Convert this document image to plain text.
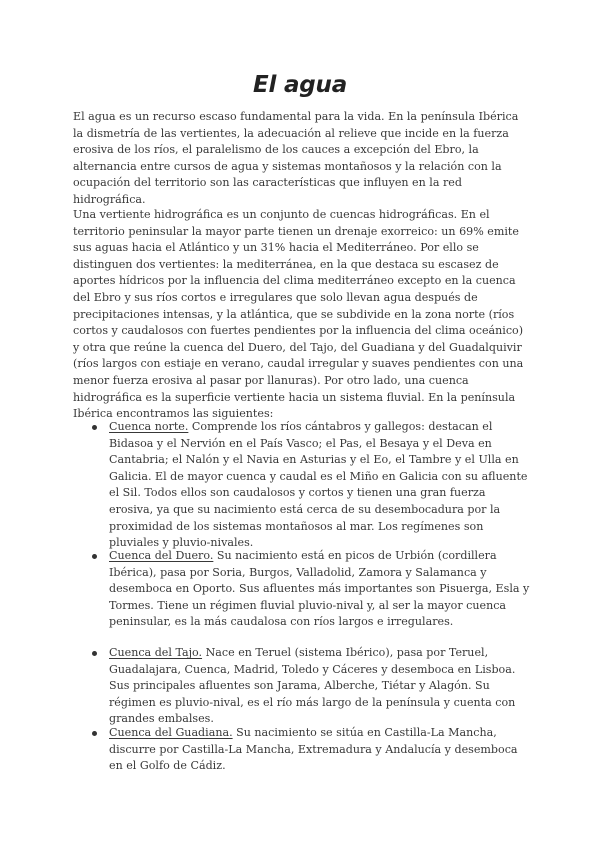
El agua

El agua es un recurso escaso fundamental para la vida. En la península Ibérica la dismetría de las vertientes, la adecuación al relieve que incide en la fuerza erosiva de los ríos, el paralelismo de los cauces a excepción del Ebro, la alternancia entre cursos de agua y sistemas montañosos y la relación con la ocupación del territorio son las características que influyen en la red hidrográfica.

Una vertiente hidrográfica es un conjunto de cuencas hidrográficas. En el territorio peninsular la mayor parte tienen un drenaje exorreico: un 69% emite sus aguas hacia el Atlántico y un 31% hacia el Mediterráneo. Por ello se distinguen dos vertientes: la mediterránea, en la que destaca su escasez de aportes hídricos por la influencia del clima mediterráneo excepto en la cuenca del Ebro y sus ríos cortos e irregulares que solo llevan agua después de precipitaciones intensas, y la atlántica, que se subdivide en la zona norte (ríos cortos y caudalosos con fuertes pendientes por la influencia del clima oceánico) y otra que reúne la cuenca del Duero, del Tajo, del Guadiana y del Guadalquivir (ríos largos con estiaje en verano, caudal irregular y suaves pendientes con una menor fuerza erosiva al pasar por llanuras). Por otro lado, una cuenca hidrográfica es la superficie vertiente hacia un sistema fluvial. En la península Ibérica encontramos las siguientes:

Cuenca norte. Comprende los ríos cántabros y gallegos: destacan el Bidasoa y el Nervión en el País Vasco; el Pas, el Besaya y el Deva en Cantabria; el Nalón y el Navia en Asturias y el Eo, el Tambre y el Ulla en Galicia. El de mayor cuenca y caudal es el Miño en Galicia con su afluente el Sil. Todos ellos son caudalosos y cortos y tienen una gran fuerza erosiva, ya que su nacimiento está cerca de su desembocadura por la proximidad de los sistemas montañosos al mar. Los regímenes son pluviales y pluvio-nivales.

Cuenca del Duero. Su nacimiento está en picos de Urbión (cordillera Ibérica), pasa por Soria, Burgos, Valladolid, Zamora y Salamanca y desemboca en Oporto. Sus afluentes más importantes son Pisuerga, Esla y Tormes. Tiene un régimen fluvial pluvio-nival y, al ser la mayor cuenca peninsular, es la más caudalosa con ríos largos e irregulares.

Cuenca del Tajo. Nace en Teruel (sistema Ibérico), pasa por Teruel, Guadalajara, Cuenca, Madrid, Toledo y Cáceres y desemboca en Lisboa. Sus principales afluentes son Jarama, Alberche, Tiétar y Alagón. Su régimen es pluvio-nival, es el río más largo de la península y cuenta con grandes embalses.

Cuenca del Guadiana. Su nacimiento se sitúa en Castilla-La Mancha, discurre por Castilla-La Mancha, Extremadura y Andalucía y desemboca en el Golfo de Cádiz.
